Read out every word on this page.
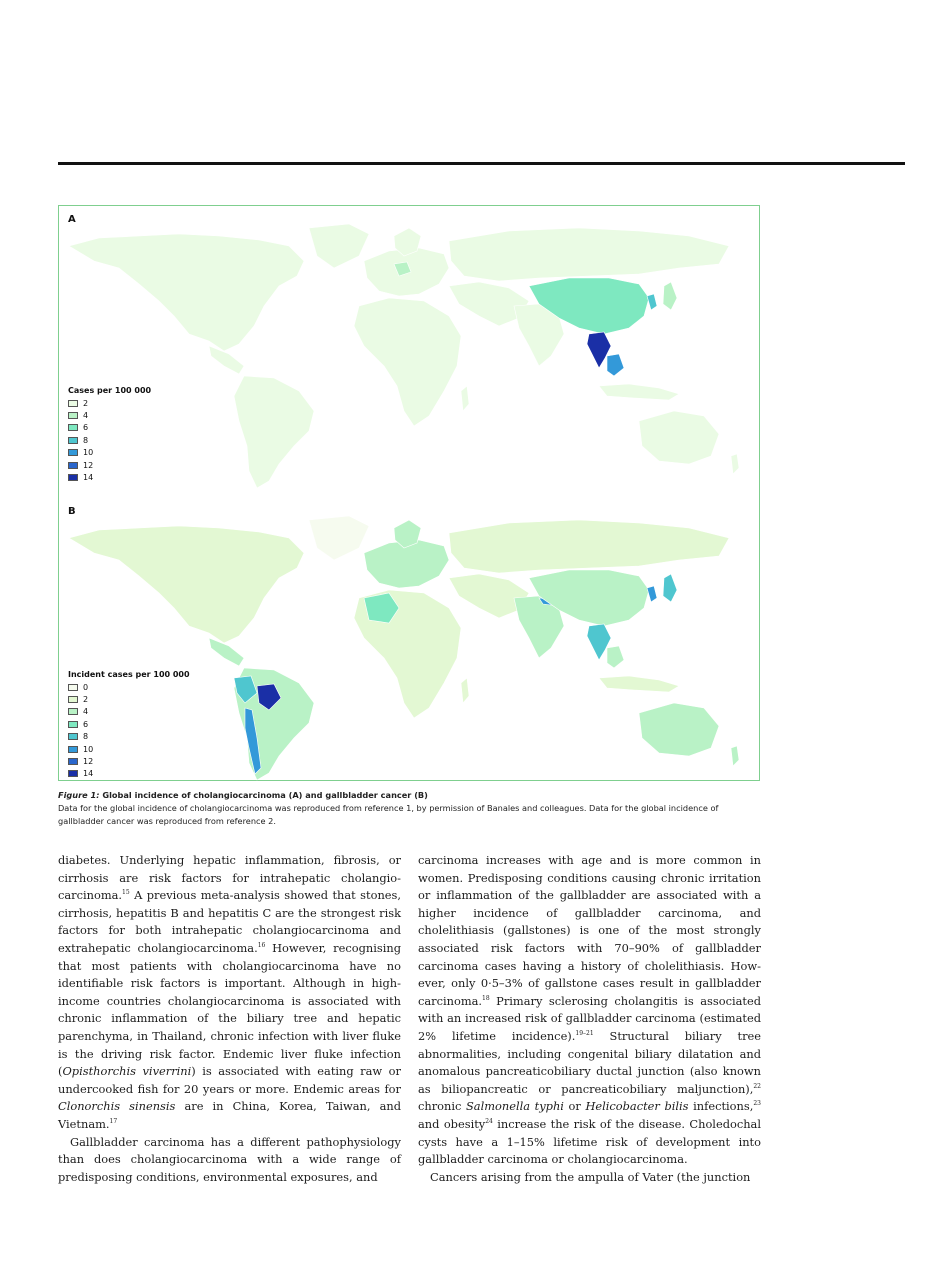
A
Cases per 100 000
2
4
6
8
10
12
14
B
Incident cases per 100 000
0
2
4
6
8
10
12
14
Figure 1: Global incidence of cholangiocarcinoma (A) and gallbladder cancer (B)
Data for the global incidence of cholangiocarcinoma was reproduced from reference 1, by permission of Banales and colleagues. Data for the global incidence of gallbladder cancer was reproduced from reference 2.

diabetes. Underlying hepatic inflammation, fibrosis, or cirrhosis are risk factors for intrahepatic cholangiocarcinoma.$^{15}$ A previous meta-analysis showed that stones, cirrhosis, hepatitis B and hepatitis C are the strongest risk factors for both intrahepatic cholangiocarcinoma and extrahepatic cholangiocarcinoma.$^{16}$ However, recognising that most patients with cholangiocarcinoma have no identifiable risk factors is important. Although in high-income countries cholangiocarcinoma is associated with chronic inflammation of the biliary tree and hepatic parenchyma, in Thailand, chronic infection with liver fluke is the driving risk factor. Endemic liver fluke infection (Opisthorchis viverrini) is associated with eating raw or undercooked fish for 20 years or more. Endemic areas for Clonorchis sinensis are in China, Korea, Taiwan, and Vietnam.$^{17}$

Gallbladder carcinoma has a different pathophysiology than does cholangiocarcinoma with a wide range of predisposing conditions, environmental exposures, and

carcinoma increases with age and is more common in women. Predisposing conditions causing chronic irritation or inflammation of the gallbladder are associated with a higher incidence of gallbladder carcinoma, and cholelithiasis (gallstones) is one of the most strongly associated risk factors with 70–90% of gallbladder carcinoma cases having a history of cholelithiasis. However, only 0·5–3% of gallstone cases result in gallbladder carcinoma.$^{18}$ Primary sclerosing cholangitis is associated with an increased risk of gallbladder carcinoma (estimated 2% lifetime incidence).$^{19-21}$ Structural biliary tree abnormalities, including congenital biliary dilatation and anomalous pancreaticobiliary ductal junction (also known as biliopancreatic or pancreaticobiliary maljunction),$^{22}$ chronic Salmonella typhi or Helicobacter bilis infections,$^{23}$ and obesity$^{24}$ increase the risk of the disease. Choledochal cysts have a 1–15% lifetime risk of development into gallbladder carcinoma or cholangiocarcinoma.

Cancers arising from the ampulla of Vater (the junction
